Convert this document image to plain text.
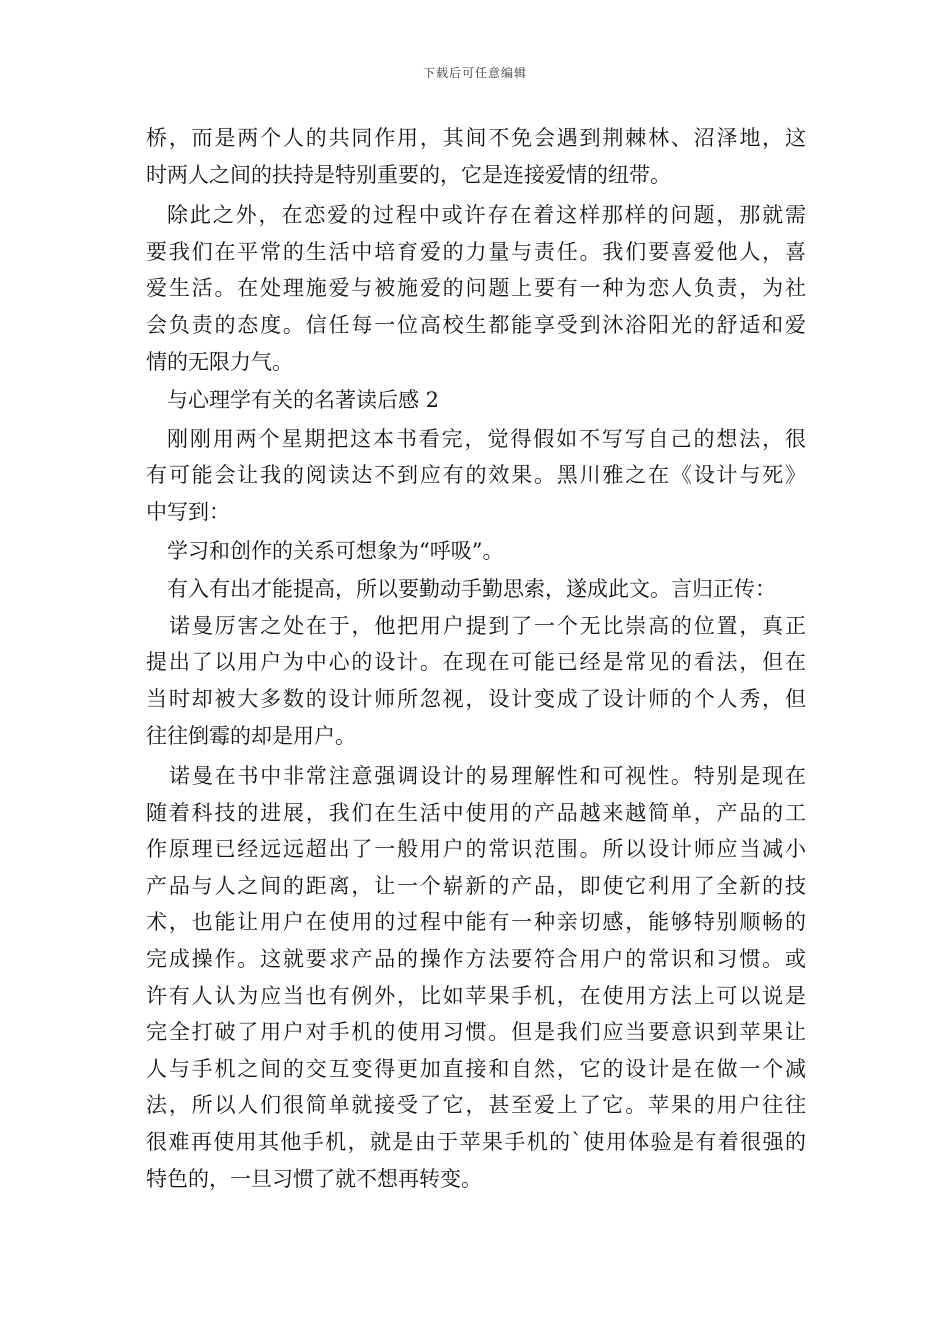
下载后可任意编辑
桥，而是两个人的共同作用，其间不免会遇到荆棘林、沼泽地，这
时两人之间的扶持是特别重要的，它是连接爱情的纽带。
除此之外，在恋爱的过程中或许存在着这样那样的问题，那就需
要我们在平常的生活中培育爱的力量与责任。我们要喜爱他人，喜
爱生活。在处理施爱与被施爱的问题上要有一种为恋人负责，为社
会负责的态度。信任每一位高校生都能享受到沐浴阳光的舒适和爱
情的无限力气。
与心理学有关的名著读后感 2
刚刚用两个星期把这本书看完，觉得假如不写写自己的想法，很
有可能会让我的阅读达不到应有的效果。黑川雅之在《设计与死》
中写到：
学习和创作的关系可想象为“呼吸”。
有入有出才能提高，所以要勤动手勤思索，遂成此文。言归正传：
诺曼厉害之处在于，他把用户提到了一个无比崇高的位置，真正
提出了以用户为中心的设计。在现在可能已经是常见的看法，但在
当时却被大多数的设计师所忽视，设计变成了设计师的个人秀，但
往往倒霉的却是用户。
诺曼在书中非常注意强调设计的易理解性和可视性。特别是现在
随着科技的进展，我们在生活中使用的产品越来越简单，产品的工
作原理已经远远超出了一般用户的常识范围。所以设计师应当减小
产品与人之间的距离，让一个崭新的产品，即使它利用了全新的技
术，也能让用户在使用的过程中能有一种亲切感，能够特别顺畅的
完成操作。这就要求产品的操作方法要符合用户的常识和习惯。或
许有人认为应当也有例外，比如苹果手机，在使用方法上可以说是
完全打破了用户对手机的使用习惯。但是我们应当要意识到苹果让
人与手机之间的交互变得更加直接和自然，它的设计是在做一个减
法，所以人们很简单就接受了它，甚至爱上了它。苹果的用户往往
很难再使用其他手机，就是由于苹果手机的`使用体验是有着很强的
特色的，一旦习惯了就不想再转变。
